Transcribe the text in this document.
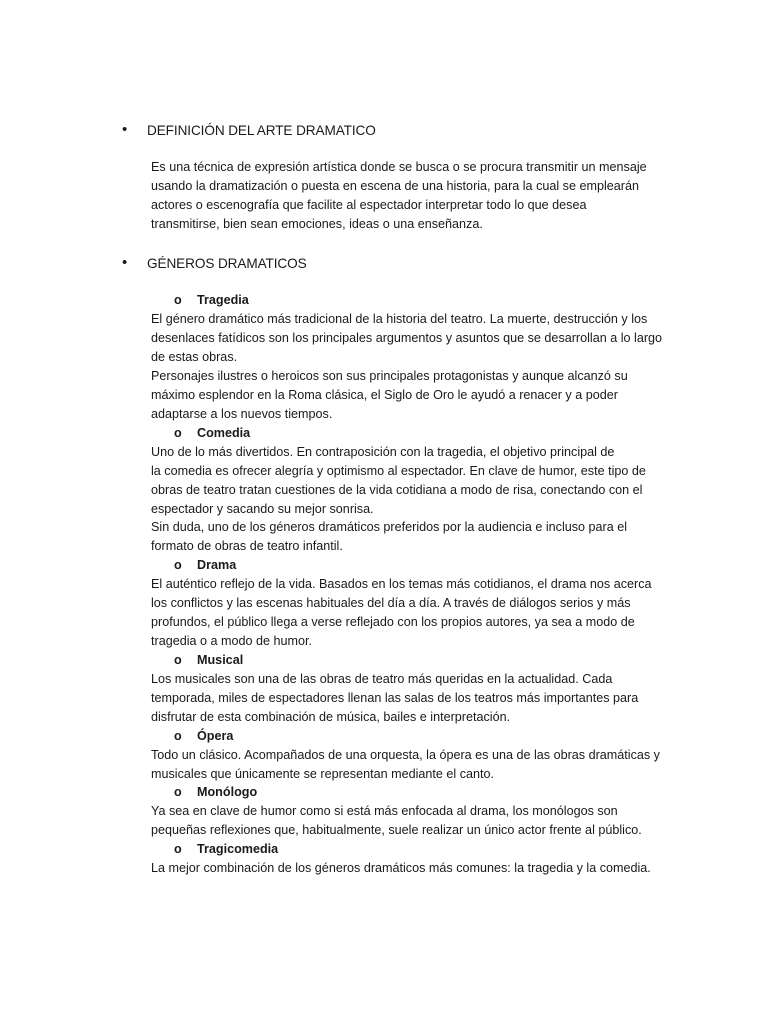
• DEFINICIÓN DEL ARTE DRAMATICO
Es una técnica de expresión artística donde se busca o se procura transmitir un mensaje
usando la dramatización o puesta en escena de una historia, para la cual se emplearán
actores o escenografía que facilite al espectador interpretar todo lo que desea
transmitirse, bien sean emociones, ideas o una enseñanza.
• GÉNEROS DRAMATICOS
o Tragedia
El género dramático más tradicional de la historia del teatro. La muerte, destrucción y los
desenlaces fatídicos son los principales argumentos y asuntos que se desarrollan a lo largo
de estas obras.
Personajes ilustres o heroicos son sus principales protagonistas y aunque alcanzó su
máximo esplendor en la Roma clásica, el Siglo de Oro le ayudó a renacer y a poder
adaptarse a los nuevos tiempos.
o Comedia
Uno de lo más divertidos. En contraposición con la tragedia, el objetivo principal de
la comedia es ofrecer alegría y optimismo al espectador. En clave de humor, este tipo de
obras de teatro tratan cuestiones de la vida cotidiana a modo de risa, conectando con el
espectador y sacando su mejor sonrisa.
Sin duda, uno de los géneros dramáticos preferidos por la audiencia e incluso para el
formato de obras de teatro infantil.
o Drama
El auténtico reflejo de la vida. Basados en los temas más cotidianos, el drama nos acerca
los conflictos y las escenas habituales del día a día. A través de diálogos serios y más
profundos, el público llega a verse reflejado con los propios autores, ya sea a modo de
tragedia o a modo de humor.
o Musical
Los musicales son una de las obras de teatro más queridas en la actualidad. Cada
temporada, miles de espectadores llenan las salas de los teatros más importantes para
disfrutar de esta combinación de música, bailes e interpretación.
o Ópera
Todo un clásico. Acompañados de una orquesta, la ópera es una de las obras dramáticas y
musicales que únicamente se representan mediante el canto.
o Monólogo
Ya sea en clave de humor como si está más enfocada al drama, los monólogos son
pequeñas reflexiones que, habitualmente, suele realizar un único actor frente al público.
o Tragicomedia
La mejor combinación de los géneros dramáticos más comunes: la tragedia y la comedia.
